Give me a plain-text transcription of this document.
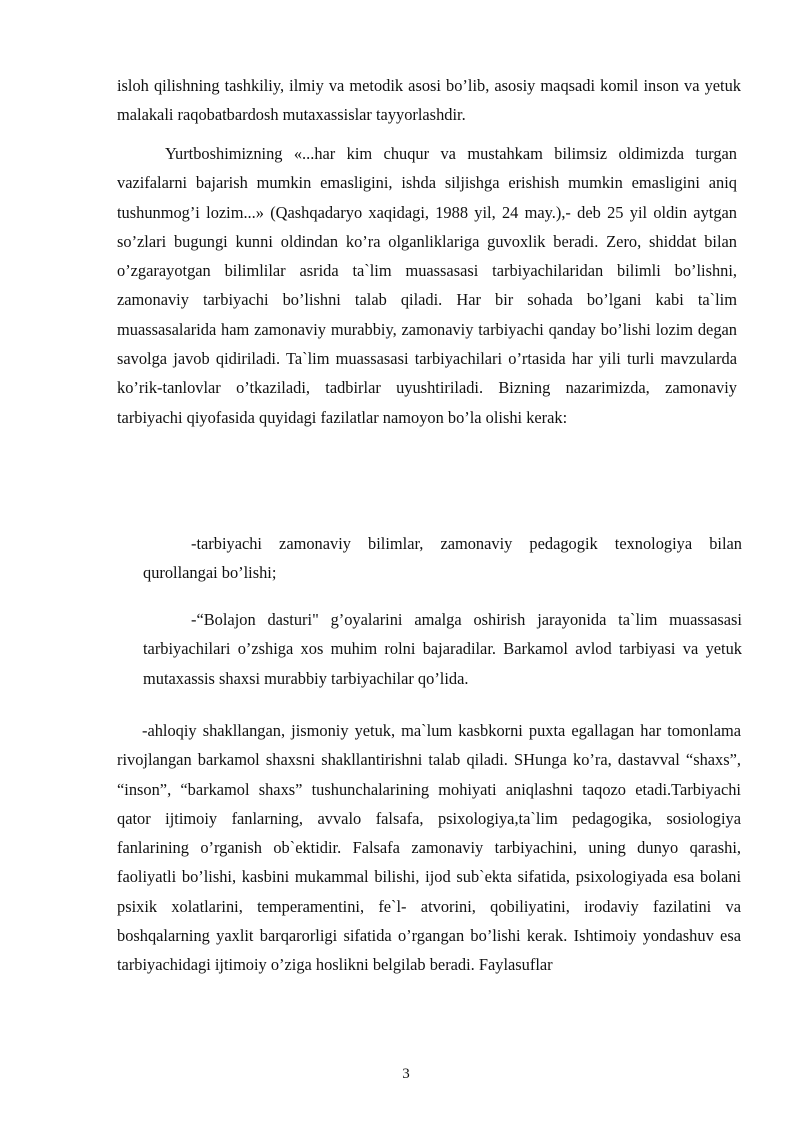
isloh qilishning tashkiliy, ilmiy va metodik asosi bo’lib, asosiy maqsadi komil inson va yetuk malakali raqobatbardosh mutaxassislar tayyorlashdir.

Yurtboshimizning «...har kim chuqur va mustahkam bilimsiz oldimizda turgan vazifalarni bajarish mumkin emasligini, ishda siljishga erishish mumkin emasligini aniq tushunmog’i lozim...» (Qashqadaryo xaqidagi, 1988 yil, 24 may.),- deb 25 yil oldin aytgan so’zlari bugungi kunni oldindan ko’ra olganliklariga guvoxlik beradi. Zero, shiddat bilan o’zgarayotgan bilimlilar asrida ta`lim muassasasi tarbiyachilaridan bilimli bo’lishni, zamonaviy tarbiyachi bo’lishni talab qiladi. Har bir sohada bo’lgani kabi ta`lim muassasalarida ham zamonaviy murabbiy, zamonaviy tarbiyachi qanday bo’lishi lozim degan savolga javob qidiriladi. Ta`lim muassasasi tarbiyachilari o’rtasida har yili turli mavzularda ko’rik-tanlovlar o’tkaziladi, tadbirlar uyushtiriladi. Bizning nazarimizda, zamonaviy tarbiyachi qiyofasida quyidagi fazilatlar namoyon bo’la olishi kerak:

-tarbiyachi zamonaviy bilimlar, zamonaviy pedagogik texnologiya bilan qurollangai bo’lishi;

-“Bolajon dasturi" g’oyalarini amalga oshirish jarayonida ta`lim muassasasi tarbiyachilari o’zshiga xos muhim rolni bajaradilar. Barkamol avlod tarbiyasi va yetuk mutaxassis shaxsi murabbiy tarbiyachilar qo’lida.

-ahloqiy shakllangan, jismoniy yetuk, ma`lum kasbkorni puxta egallagan har tomonlama rivojlangan barkamol shaxsni shakllantirishni talab qiladi. SHunga ko’ra, dastavval “shaxs”, “inson”, “barkamol shaxs” tushunchalarining mohiyati aniqlashni taqozo etadi.Tarbiyachi qator ijtimoiy fanlarning, avvalo falsafa, psixologiya,ta`lim pedagogika, sosiologiya fanlarining o’rganish ob`ektidir. Falsafa zamonaviy tarbiyachini, uning dunyo qarashi, faoliyatli bo’lishi, kasbini mukammal bilishi, ijod sub`ekta sifatida, psixologiyada esa bolani psixik xolatlarini, temperamentini, fe`l- atvorini, qobiliyatini, irodaviy fazilatini va boshqalarning yaxlit barqarorligi sifatida o’rgangan bo’lishi kerak. Ishtimoiy yondashuv esa tarbiyachidagi ijtimoiy o’ziga hoslikni belgilab beradi. Faylasuflar

3
